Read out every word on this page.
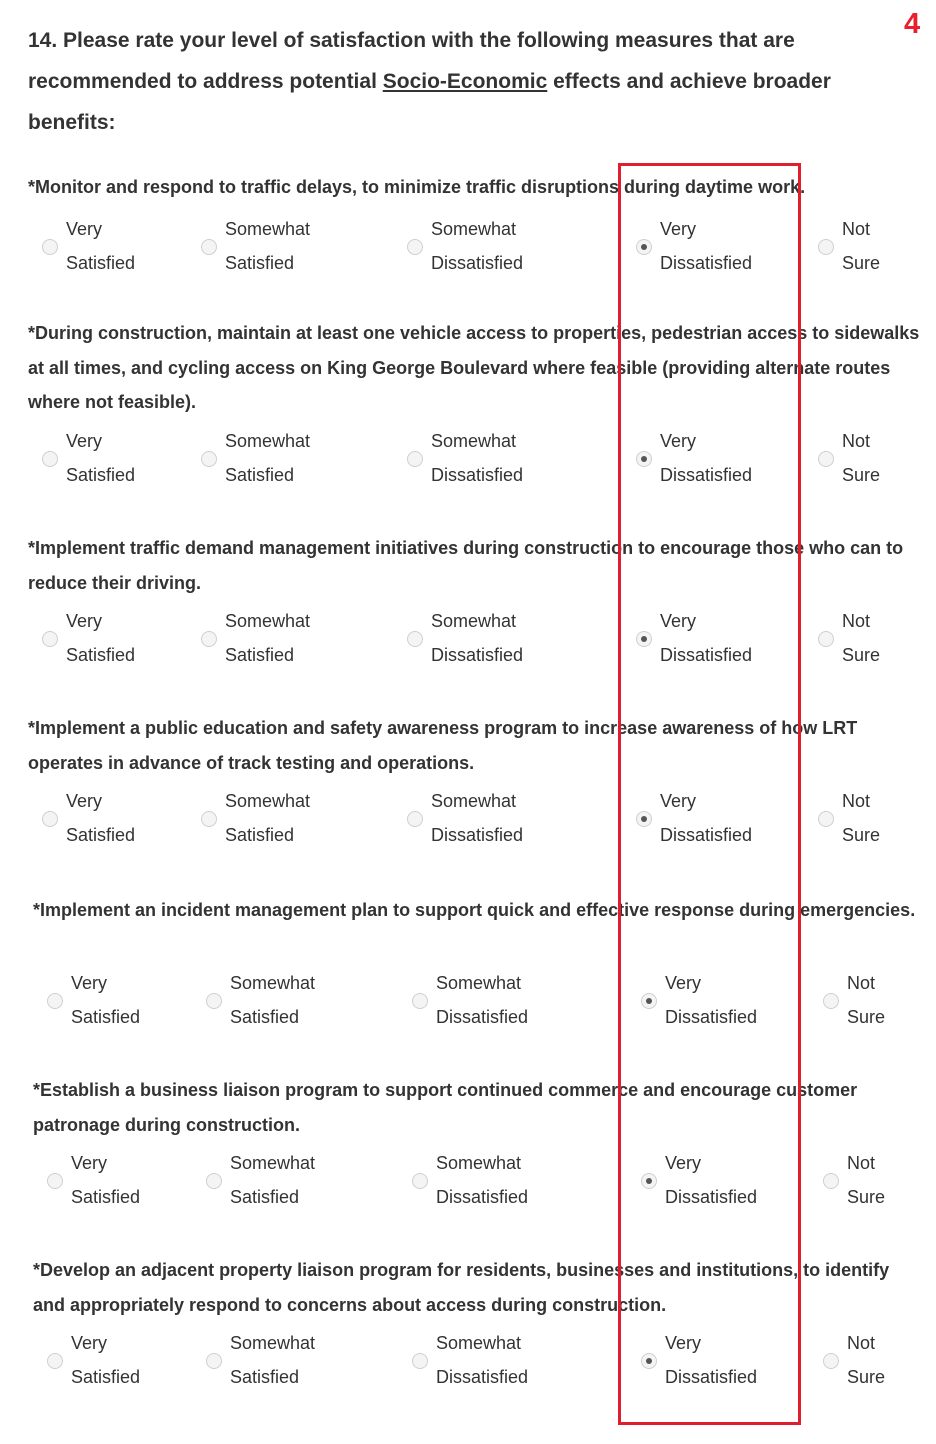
4
14. Please rate your level of satisfaction with the following measures that are recommended to address potential Socio-Economic effects and achieve broader benefits:

*Monitor and respond to traffic delays, to minimize traffic disruptions during daytime work.

Very
Satisfied
Somewhat
Satisfied
Somewhat
Dissatisfied
Very
Dissatisfied
Not
Sure

*During construction, maintain at least one vehicle access to properties, pedestrian access to sidewalks at all times, and cycling access on King George Boulevard where feasible (providing alternate routes where not feasible).

Very
Satisfied
Somewhat
Satisfied
Somewhat
Dissatisfied
Very
Dissatisfied
Not
Sure

*Implement traffic demand management initiatives during construction to encourage those who can to reduce their driving.

Very
Satisfied
Somewhat
Satisfied
Somewhat
Dissatisfied
Very
Dissatisfied
Not
Sure

*Implement a public education and safety awareness program to increase awareness of how LRT operates in advance of track testing and operations.

Very
Satisfied
Somewhat
Satisfied
Somewhat
Dissatisfied
Very
Dissatisfied
Not
Sure

*Implement an incident management plan to support quick and effective response during emergencies.

Very
Satisfied
Somewhat
Satisfied
Somewhat
Dissatisfied
Very
Dissatisfied
Not
Sure

*Establish a business liaison program to support continued commerce and encourage customer patronage during construction.

Very
Satisfied
Somewhat
Satisfied
Somewhat
Dissatisfied
Very
Dissatisfied
Not
Sure

*Develop an adjacent property liaison program for residents, businesses and institutions, to identify and appropriately respond to concerns about access during construction.

Very
Satisfied
Somewhat
Satisfied
Somewhat
Dissatisfied
Very
Dissatisfied
Not
Sure
